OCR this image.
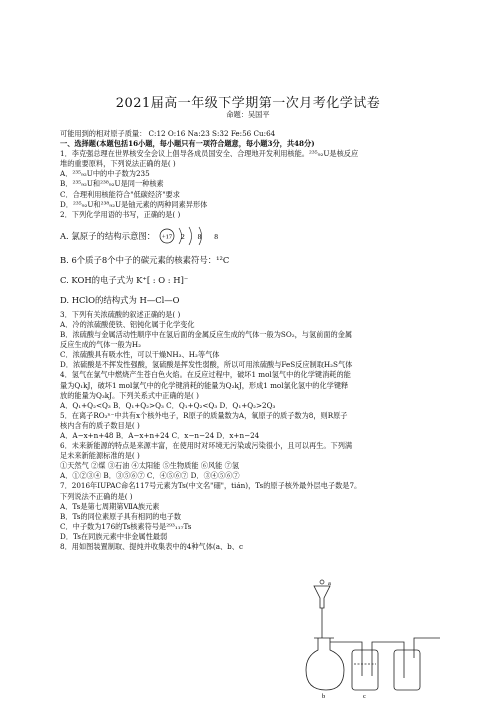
2021届高一年级下学期第一次月考化学试卷
命题：吴国平
可能用到的相对原子质量： C:12 O:16 Na:23 S:32 Fe:56 Cu:64
一、选择题(本题包括16小题，每小题只有一项符合题意，每小题3分，共48分)
1．李克强总理在世界核安全会议上倡导各成员国安全、合理地开发利用核能。²³⁵₉₂U是核反应
堆的重要原料，下列说法正确的是( )
A．²³⁵₉₂U中的中子数为235
B．²³⁵₉₂U和²³⁸₉₂U是同一种核素
C．合理利用核能符合"低碳经济"要求
D．²³⁵₉₂U和²³⁸₉₂U是铀元素的两种同素异形体
2．下列化学用语的书写，正确的是( )
A. 氯原子的结构示意图： +17 2 8 8
B. 6个质子8个中子的碳元素的核素符号： ¹²C
C. KOH的电子式为 K⁺[ : O : H]⁻
D. HClO的结构式为 H—Cl—O
3．下列有关浓硫酸的叙述正确的是( )
A．冷的浓硫酸使铁、铝钝化属于化学变化
B．浓硫酸与金属活动性顺序中在氢后面的金属反应生成的气体一般为SO₂，与氢前面的金属
反应生成的气体一般为H₂
C．浓硫酸具有吸水性，可以干燥NH₃、H₂等气体
D．浓硫酸是不挥发性强酸，氢硫酸是挥发性弱酸，所以可用浓硫酸与FeS反应制取H₂S气体
4．氢气在氯气中燃烧产生苍白色火焰。在反应过程中，破坏1 mol氢气中的化学键消耗的能
量为Q₁kJ，破坏1 mol氯气中的化学键消耗的能量为Q₂kJ，形成1 mol氯化氢中的化学键释
放的能量为Q₃kJ。下列关系式中正确的是( )
A．Q₁+Q₂<Q₃ B．Q₁+Q₂>Q₃ C．Q₁+Q₂<Q₃ D．Q₁+Q₂>2Q₃
5．在离子RO₃ⁿ⁻中共有x个核外电子，R原子的质量数为A，氧原子的质子数为8，则R原子
核内含有的质子数目是( )
A．A−x+n+48 B．A−x+n+24 C．x−n−24 D．x+n−24
6．未来新能源的特点是来源丰富，在使用时对环境无污染或污染很小，且可以再生。下列满
足未来新能源标准的是( )
①天然气 ②煤 ③石油 ④太阳能 ⑤生物质能 ⑥风能 ⑦氢
A．①②③④ B．③⑤⑥⑦ C．④⑤⑥⑦ D．③④⑤⑥⑦
7．2016年IUPAC命名117号元素为Ts(中文名"鿬"，tián)，Ts的原子核外最外层电子数是7。
下列说法不正确的是( )
A．Ts是第七周期第ⅦA族元素
B．Ts的同位素原子具有相同的电子数
C．中子数为176的Ts核素符号是²⁹³₁₁₇Ts
D．Ts在同族元素中非金属性最弱
8．用如图装置制取、提纯并收集表中的4种气体(a、b、c
a
b	c
